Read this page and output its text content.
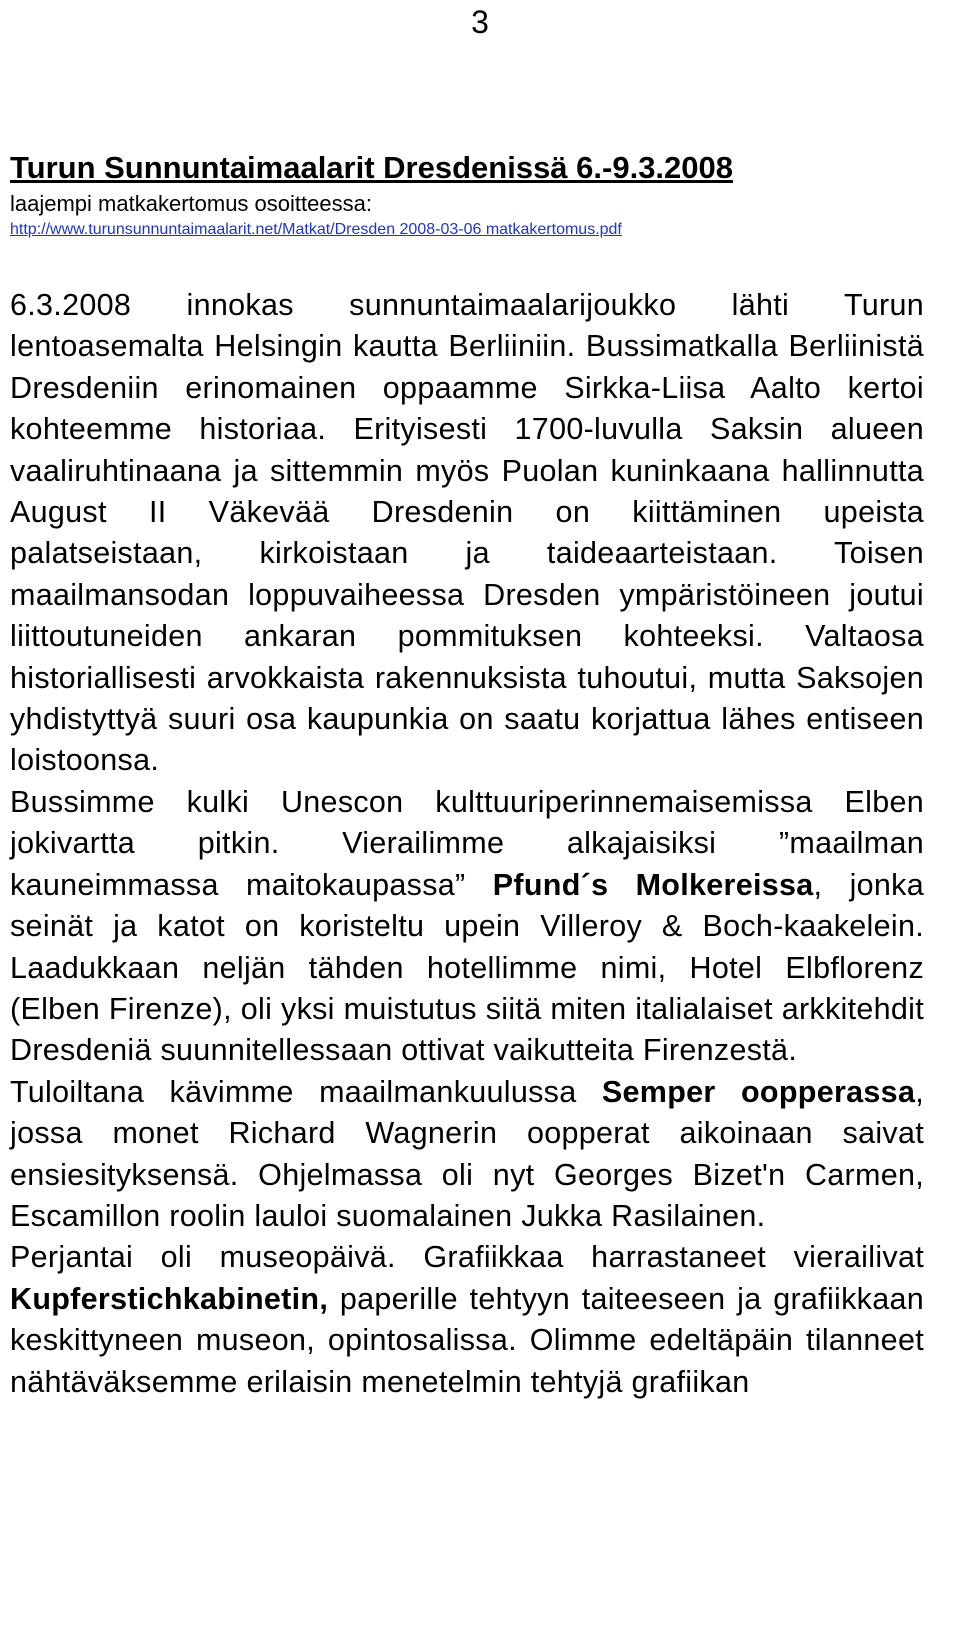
3
Turun Sunnuntaimaalarit Dresdenissä 6.-9.3.2008
laajempi matkakertomus osoitteessa:
http://www.turunsunnuntaimaalarit.net/Matkat/Dresden 2008-03-06 matkakertomus.pdf

6.3.2008 innokas sunnuntaimaalarijoukko lähti Turun lentoasemalta Helsingin kautta Berliiniin. Bussimatkalla Berliinistä Dresdeniin erinomainen oppaamme Sirkka-Liisa Aalto kertoi kohteemme historiaa. Erityisesti 1700-luvulla Saksin alueen vaaliruhtinaana ja sittemmin myös Puolan kuninkaana hallinnutta August II Väkevää Dresdenin on kiittäminen upeista palatseistaan, kirkoistaan ja taideaarteistaan. Toisen maailmansodan loppuvaiheessa Dresden ympäristöineen joutui liittoutuneiden ankaran pommituksen kohteeksi. Valtaosa historiallisesti arvokkaista rakennuksista tuhoutui, mutta Saksojen yhdistyttyä suuri osa kaupunkia on saatu korjattua lähes entiseen loistoonsa.

Bussimme kulki Unescon kulttuuriperinnemaisemissa Elben jokivartta pitkin. Vierailimme alkajaisiksi ”maailman kauneimmassa maitokaupassa” Pfund´s Molkereissa, jonka seinät ja katot on koristeltu upein Villeroy & Boch-kaakelein. Laadukkaan neljän tähden hotellimme nimi, Hotel Elbflorenz (Elben Firenze), oli yksi muistutus siitä miten italialaiset arkkitehdit Dresdeniä suunnitellessaan ottivat vaikutteita Firenzestä.

Tuloiltana kävimme maailmankuulussa Semper oopperassa, jossa monet Richard Wagnerin oopperat aikoinaan saivat ensiesityksensä. Ohjelmassa oli nyt Georges Bizet'n Carmen, Escamillon roolin lauloi suomalainen Jukka Rasilainen.

Perjantai oli museopäivä. Grafiikkaa harrastaneet vierailivat Kupferstichkabinetin, paperille tehtyyn taiteeseen ja grafiikkaan keskittyneen museon, opintosalissa. Olimme edeltäpäin tilanneet nähtäväksemme erilaisin menetelmin tehtyjä grafiikan
